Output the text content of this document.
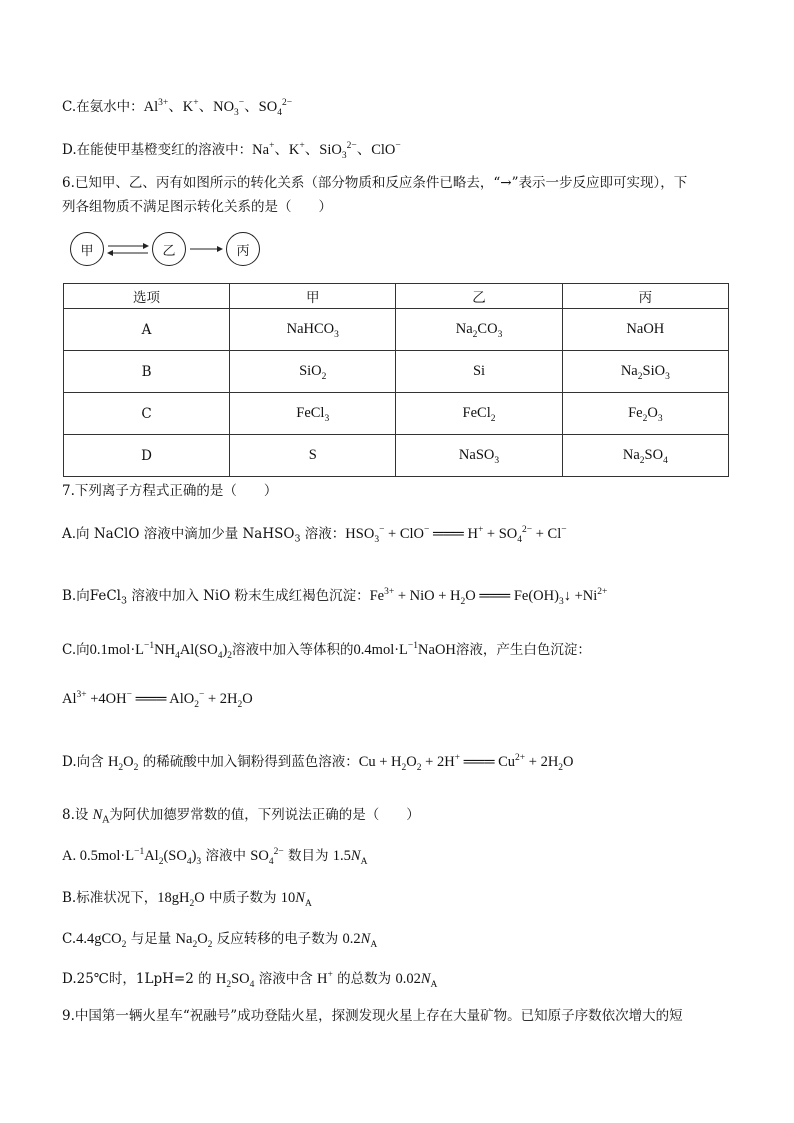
C.在氨水中：$Al^{3+}$、K+、$NO_3^-$、$SO_4^{2-}$
D.在能使甲基橙变红的溶液中：Na+、K+、SiO$_3^{2-}$、ClO−
6.已知甲、乙、丙有如图所示的转化关系（部分物质和反应条件已略去，“→”表示一步反应即可实现），下
列各组物质不满足图示转化关系的是（　　）
甲	乙	丙
选项	甲	乙	丙
A	NaHCO$_3$	$Na_2CO_3$	NaOH
B	SiO$_2$	Si	$Na_2SiO_3$
C	FeCl$_3$	FeCl$_2$	$Fe_2O_3$
D	S	NaSO$_3$	$Na_2SO_4$
7.下列离子方程式正确的是（　　）
A.向 NaClO 溶液中滴加少量 NaHSO$_3$ 溶液：$HSO_3^- + ClO^-$ ═══ $H^+ + SO_4^{2-} + Cl^-$
B.向FeCl$_3$ 溶液中加入 NiO 粉末生成红褐色沉淀：$Fe^{3+}$ + NiO + $H_2O$ ═══ $Fe(OH)_3↓ +Ni^{2+}$
C.向$0.1mol\cdot L^{-1}NH_4Al(SO_4)_2$溶液中加入等体积的$0.4mol\cdot L^{-1}NaOH$溶液，产生白色沉淀：
$Al^{3+} +4OH^-$ ═══ $AlO_2^- + 2H_2O$
D.向含 $H_2O_2$ 的稀硫酸中加入铜粉得到蓝色溶液：$Cu + H_2O_2 + 2H^+$ ═══ $Cu^{2+} + 2H_2O$
8.设 $N_A$为阿伏加德罗常数的值，下列说法正确的是（　　）
A. $0.5mol\cdot L^{-1}Al_2(SO_4)_3$ 溶液中 $SO_4^{2-}$ 数目为 $1.5N_A$
B.标准状况下，$18gH_2O$ 中质子数为 $10N_A$
C.4.4gCO$_2$ 与足量 $Na_2O_2$ 反应转移的电子数为 $0.2N_A$
D.25℃时，1LpH=2 的 $H_2SO_4$ 溶液中含 H+ 的总数为 $0.02N_A$
9.中国第一辆火星车“祝融号”成功登陆火星，探测发现火星上存在大量矿物。已知原子序数依次增大的短
